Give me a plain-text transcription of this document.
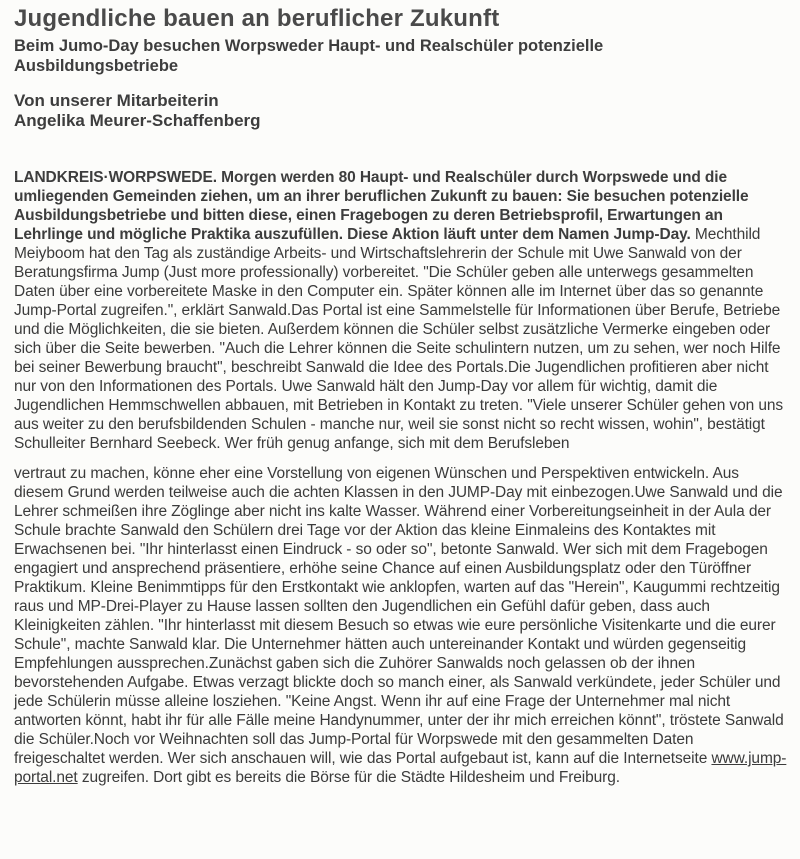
Jugendliche bauen an beruflicher Zukunft
Beim Jumo-Day besuchen Worpsweder Haupt- und Realschüler potenzielle Ausbildungsbetriebe
Von unserer Mitarbeiterin
Angelika Meurer-Schaffenberg

LANDKREIS·WORPSWEDE. Morgen werden 80 Haupt- und Realschüler durch Worpswede und die umliegenden Gemeinden ziehen, um an ihrer beruflichen Zukunft zu bauen: Sie besuchen potenzielle Ausbildungsbetriebe und bitten diese, einen Fragebogen zu deren Betriebsprofil, Erwartungen an Lehrlinge und mögliche Praktika auszufüllen. Diese Aktion läuft unter dem Namen Jump-Day. Mechthild Meiyboom hat den Tag als zuständige Arbeits- und Wirtschaftslehrerin der Schule mit Uwe Sanwald von der Beratungsfirma Jump (Just more professionally) vorbereitet. "Die Schüler geben alle unterwegs gesammelten Daten über eine vorbereitete Maske in den Computer ein. Später können alle im Internet über das so genannte Jump-Portal zugreifen.", erklärt Sanwald.Das Portal ist eine Sammelstelle für Informationen über Berufe, Betriebe und die Möglichkeiten, die sie bieten. Außerdem können die Schüler selbst zusätzliche Vermerke eingeben oder sich über die Seite bewerben. "Auch die Lehrer können die Seite schulintern nutzen, um zu sehen, wer noch Hilfe bei seiner Bewerbung braucht", beschreibt Sanwald die Idee des Portals.Die Jugendlichen profitieren aber nicht nur von den Informationen des Portals. Uwe Sanwald hält den Jump-Day vor allem für wichtig, damit die Jugendlichen Hemmschwellen abbauen, mit Betrieben in Kontakt zu treten. "Viele unserer Schüler gehen von uns aus weiter zu den berufsbildenden Schulen - manche nur, weil sie sonst nicht so recht wissen, wohin", bestätigt Schulleiter Bernhard Seebeck. Wer früh genug anfange, sich mit dem Berufsleben

vertraut zu machen, könne eher eine Vorstellung von eigenen Wünschen und Perspektiven entwickeln. Aus diesem Grund werden teilweise auch die achten Klassen in den JUMP-Day mit einbezogen.Uwe Sanwald und die Lehrer schmeißen ihre Zöglinge aber nicht ins kalte Wasser. Während einer Vorbereitungseinheit in der Aula der Schule brachte Sanwald den Schülern drei Tage vor der Aktion das kleine Einmaleins des Kontaktes mit Erwachsenen bei. "Ihr hinterlasst einen Eindruck - so oder so", betonte Sanwald. Wer sich mit dem Fragebogen engagiert und ansprechend präsentiere, erhöhe seine Chance auf einen Ausbildungsplatz oder den Türöffner Praktikum. Kleine Benimmtipps für den Erstkontakt wie anklopfen, warten auf das "Herein", Kaugummi rechtzeitig raus und MP-Drei-Player zu Hause lassen sollten den Jugendlichen ein Gefühl dafür geben, dass auch Kleinigkeiten zählen. "Ihr hinterlasst mit diesem Besuch so etwas wie eure persönliche Visitenkarte und die eurer Schule", machte Sanwald klar. Die Unternehmer hätten auch untereinander Kontakt und würden gegenseitig Empfehlungen aussprechen.Zunächst gaben sich die Zuhörer Sanwalds noch gelassen ob der ihnen bevorstehenden Aufgabe. Etwas verzagt blickte doch so manch einer, als Sanwald verkündete, jeder Schüler und jede Schülerin müsse alleine losziehen. "Keine Angst. Wenn ihr auf eine Frage der Unternehmer mal nicht antworten könnt, habt ihr für alle Fälle meine Handynummer, unter der ihr mich erreichen könnt", tröstete Sanwald die Schüler.Noch vor Weihnachten soll das Jump-Portal für Worpswede mit den gesammelten Daten freigeschaltet werden. Wer sich anschauen will, wie das Portal aufgebaut ist, kann auf die Internetseite www.jump-portal.net zugreifen. Dort gibt es bereits die Börse für die Städte Hildesheim und Freiburg.
